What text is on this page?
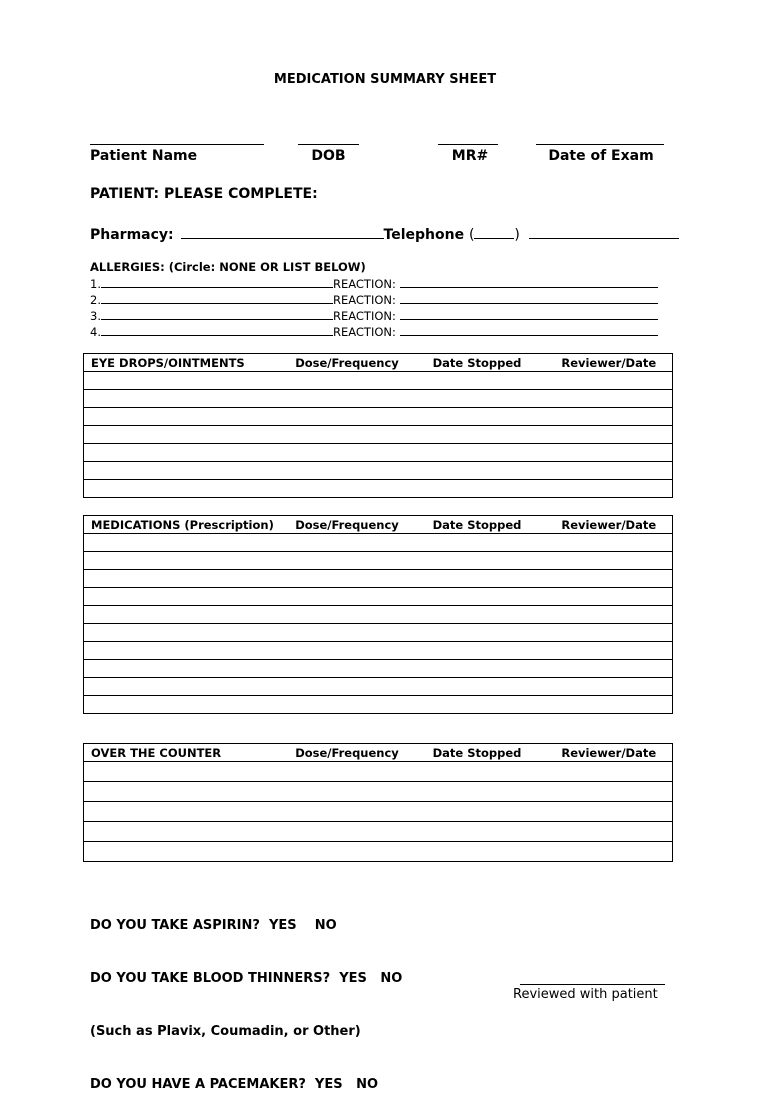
MEDICATION SUMMARY SHEET
Patient Name	DOB	MR#	Date of Exam
PATIENT: PLEASE COMPLETE:
Pharmacy:	Telephone (	)
ALLERGIES: (Circle: NONE OR LIST BELOW)
1.	REACTION:
2.	REACTION:
3.	REACTION:
4.	REACTION:
EYE DROPS/OINTMENTS	Dose/Frequency	Date Stopped	Reviewer/Date

MEDICATIONS (Prescription)	Dose/Frequency	Date Stopped	Reviewer/Date

OVER THE COUNTER	Dose/Frequency	Date Stopped	Reviewer/Date

DO YOU TAKE ASPIRIN?  YES    NO

DO YOU TAKE BLOOD THINNERS?  YES   NO

(Such as Plavix, Coumadin, or Other)

DO YOU HAVE A PACEMAKER?  YES   NO

Reviewed with patient
